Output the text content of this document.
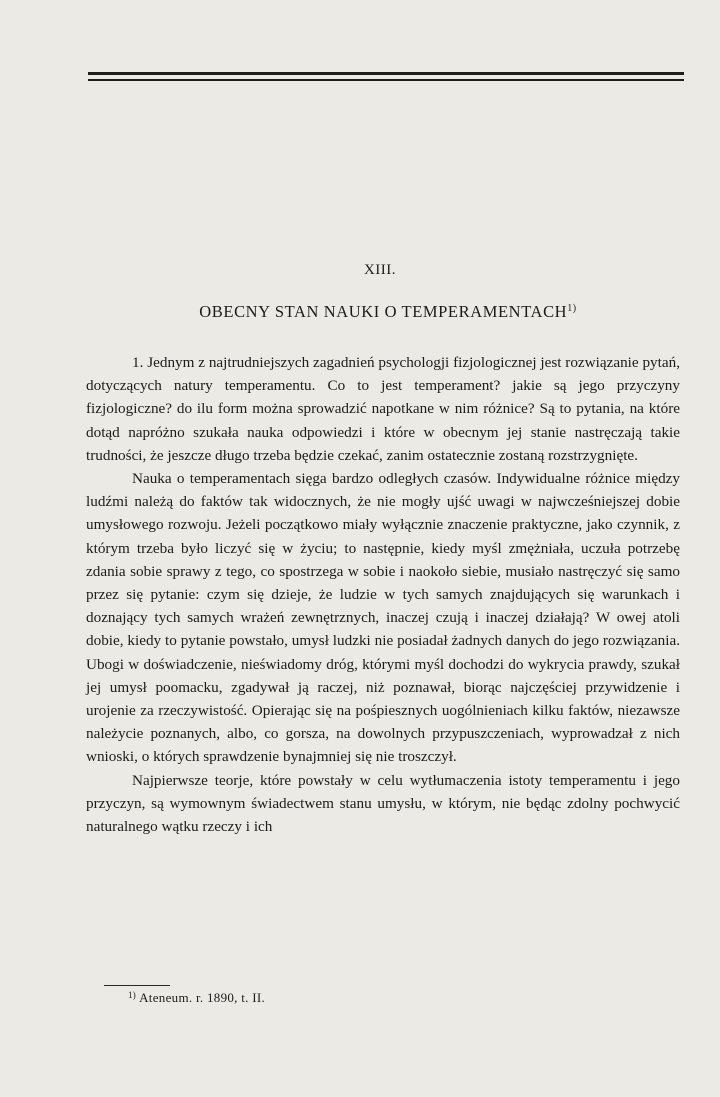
XIII.
OBECNY STAN NAUKI O TEMPERAMENTACH$^{1)}$

1. Jednym z najtrudniejszych zagadnień psychologji fizjologicznej jest rozwiązanie pytań, dotyczących natury temperamentu. Co to jest temperament? jakie są jego przyczyny fizjologiczne? do ilu form można sprowadzić napotkane w nim różnice? Są to pytania, na które dotąd napróżno szukała nauka odpowiedzi i które w obecnym jej stanie nastręczają takie trudności, że jeszcze długo trzeba będzie czekać, zanim ostatecznie zostaną rozstrzygnięte.

Nauka o temperamentach sięga bardzo odległych czasów. Indywidualne różnice między ludźmi należą do faktów tak widocznych, że nie mogły ujść uwagi w najwcześniejszej dobie umysłowego rozwoju. Jeżeli początkowo miały wyłącznie znaczenie praktyczne, jako czynnik, z którym trzeba było liczyć się w życiu; to następnie, kiedy myśl zmężniała, uczuła potrzebę zdania sobie sprawy z tego, co spostrzega w sobie i naokoło siebie, musiało nastręczyć się samo przez się pytanie: czym się dzieje, że ludzie w tych samych znajdujących się warunkach i doznający tych samych wrażeń zewnętrznych, inaczej czują i inaczej działają? W owej atoli dobie, kiedy to pytanie powstało, umysł ludzki nie posiadał żadnych danych do jego rozwiązania. Ubogi w doświadczenie, nieświadomy dróg, którymi myśl dochodzi do wykrycia prawdy, szukał jej umysł poomacku, zgadywał ją raczej, niż poznawał, biorąc najczęściej przywidzenie i urojenie za rzeczywistość. Opierając się na pośpiesznych uogólnieniach kilku faktów, niezawsze należycie poznanych, albo, co gorsza, na dowolnych przypuszczeniach, wyprowadzał z nich wnioski, o których sprawdzenie bynajmniej się nie troszczył.

Najpierwsze teorje, które powstały w celu wytłumaczenia istoty temperamentu i jego przyczyn, są wymownym świadectwem stanu umysłu, w którym, nie będąc zdolny pochwycić naturalnego wątku rzeczy i ich

$^{1)}$ Ateneum. r. 1890, t. II.
